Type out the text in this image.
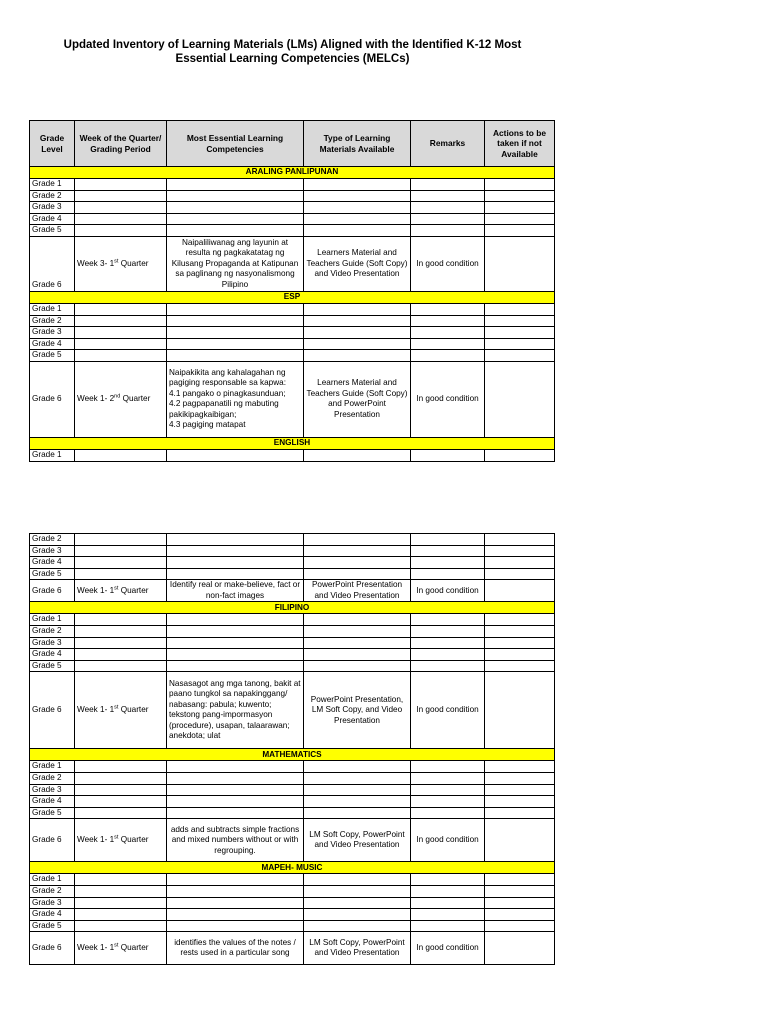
Updated Inventory of Learning Materials (LMs) Aligned with the Identified K-12 Most
Essential Learning Competencies (MELCs)
Grade Level	Week of the Quarter/ Grading Period	Most Essential Learning Competencies	Type of Learning Materials Available	Remarks	Actions to be taken if not Available
ARALING PANLIPUNAN					
Grade 1					
Grade 2					
Grade 3					
Grade 4					
Grade 5					
Grade 6	Week 3- 1st Quarter	Naipaliliwanag ang layunin at resulta ng pagkakatatag ng Kilusang Propaganda at Katipunan sa paglinang ng nasyonalismong Pilipino	Learners Material and Teachers Guide (Soft Copy) and Video Presentation	In good condition	
ESP					
Grade 1					
Grade 2					
Grade 3					
Grade 4					
Grade 5					
Grade 6	Week 1- 2nd Quarter	Naipakikita ang kahalagahan ng pagiging responsable sa kapwa:
4.1 pangako o pinagkasunduan;
4.2 pagpapanatili ng mabuting pakikipagkaibigan;
4.3 pagiging matapat	Learners Material and Teachers Guide (Soft Copy) and PowerPoint Presentation	In good condition	
ENGLISH					
Grade 1					
Grade 2					
Grade 3					
Grade 4					
Grade 5					
Grade 6	Week 1- 1st Quarter	Identify real or make-believe, fact or non-fact images	PowerPoint Presentation and Video Presentation	In good condition	
FILIPINO					
Grade 1					
Grade 2					
Grade 3					
Grade 4					
Grade 5					
Grade 6	Week 1- 1st Quarter	Nasasagot ang mga tanong, bakit at paano tungkol sa napakinggang/ nabasang: pabula; kuwento; tekstong pang-impormasyon (procedure), usapan, talaarawan; anekdota; ulat	PowerPoint Presentation, LM Soft Copy, and Video Presentation	In good condition	
MATHEMATICS					
Grade 1					
Grade 2					
Grade 3					
Grade 4					
Grade 5					
Grade 6	Week 1- 1st Quarter	adds and subtracts simple fractions and mixed numbers without or with regrouping.	LM Soft Copy, PowerPoint and Video Presentation	In good condition	
MAPEH- MUSIC					
Grade 1					
Grade 2					
Grade 3					
Grade 4					
Grade 5					
Grade 6	Week 1- 1st Quarter	identifies the values of the notes / rests used in a particular song	LM Soft Copy, PowerPoint and Video Presentation	In good condition	
